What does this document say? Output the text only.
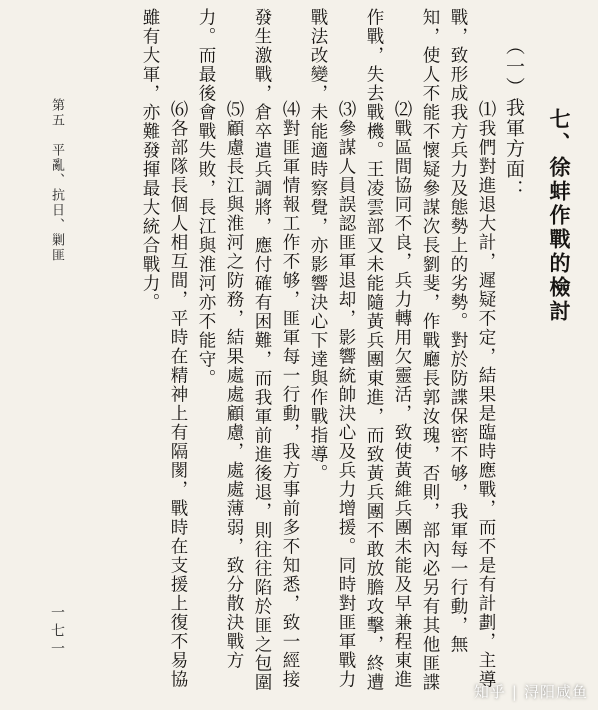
七、徐蚌作戰的檢討
（一）我軍方面：
⑴我們對進退大計，遲疑不定，結果是臨時應戰，而不是有計劃，主導
戰，致形成我方兵力及態勢上的劣勢。對於防諜保密不够，我軍每一行動，無
知，使人不能不懷疑參謀次長劉斐，作戰廳長郭汝瑰，否則，部內必另有其他匪諜
⑵戰區間協同不良，兵力轉用欠靈活，致使黃維兵團未能及早兼程東進
作戰，失去戰機。王凌雲部又未能隨黃兵團東進，而致黃兵團不敢放膽攻擊，終遭
⑶參謀人員誤認匪軍退却，影響統帥決心及兵力增援。同時對匪軍戰力
戰法改變，未能適時察覺，亦影響決心下達與作戰指導。
⑷對匪軍情報工作不够，匪軍每一行動，我方事前多不知悉，致一經接
發生激戰，倉卒遣兵調將，應付確有困難，而我軍前進後退，則往往陷於匪之包圍
⑸顧慮長江與淮河之防務，結果處處顧慮，處處薄弱，致分散決戰方
力。而最後會戰失敗，長江與淮河亦不能守。
⑹各部隊長個人相互間，平時在精神上有隔閡，戰時在支援上復不易協
雖有大軍，亦難發揮最大統合戰力。
第五　平亂、抗日、剿匪
一七一
知乎 | 浔阳咸鱼
